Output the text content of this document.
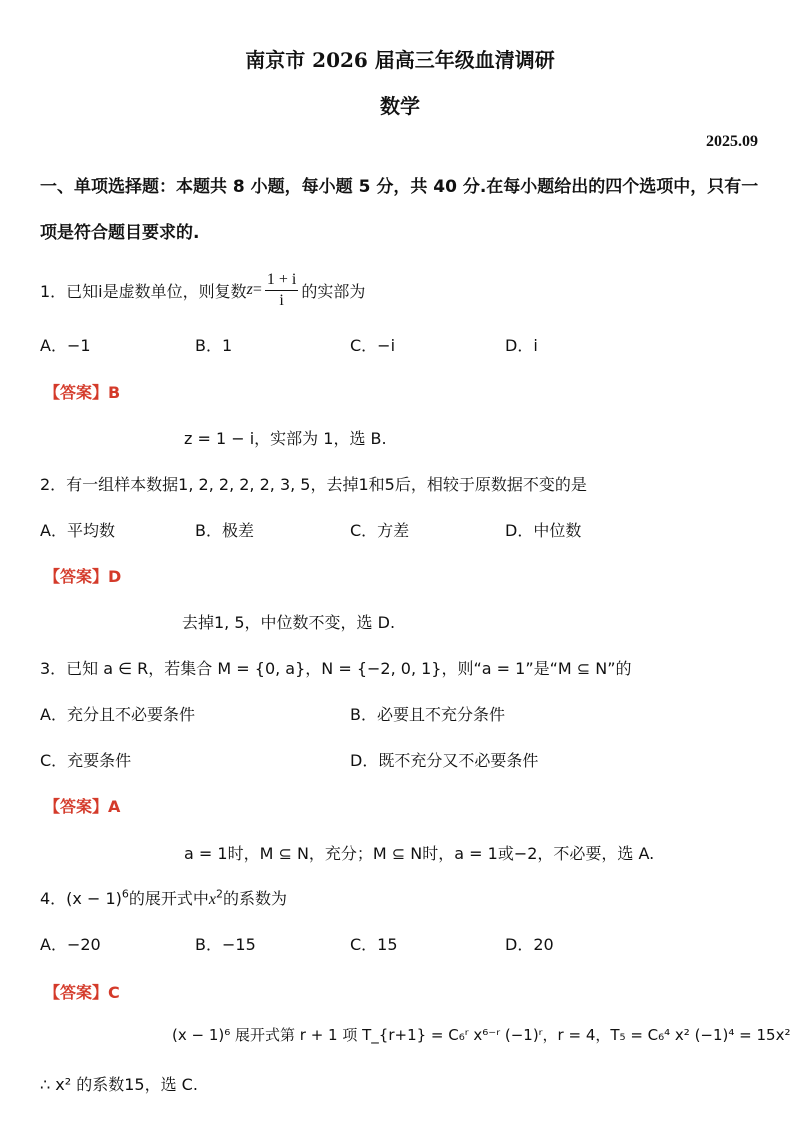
南京市 2026 届高三年级血清调研
数学
2025.09
一、单项选择题：本题共 8 小题，每小题 5 分，共 40 分.在每小题给出的四个选项中，只有一
项是符合题目要求的.
1．已知i是虚数单位，则复数 $z = \frac{1 + i}{i}$ 的实部为
A．−1	B．1	C．−i	D．i
【答案】B
z = 1 − i，实部为 1，选 B.
2．有一组样本数据1, 2, 2, 2, 2, 3, 5，去掉1和5后，相较于原数据不变的是
A．平均数	B．极差	C．方差	D．中位数
【答案】D
去掉1, 5，中位数不变，选 D.
3．已知 a ∈ R，若集合 M = {0, a}，N = {−2, 0, 1}，则“a = 1”是“M ⊆ N”的
A．充分且不必要条件	B．必要且不充分条件
C．充要条件	D．既不充分又不必要条件
【答案】A
a = 1时，M ⊆ N，充分；M ⊆ N时，a = 1或−2，不必要，选 A.
4．$(x - 1)^6$的展开式中$x^2$的系数为
A．−20	B．−15	C．15	D．20
【答案】C
(x − 1)⁶ 展开式第 r + 1 项 T_{r+1} = C₆ʳ x⁶⁻ʳ (−1)ʳ，r = 4，T₅ = C₆⁴ x² (−1)⁴ = 15x²
∴ x² 的系数15，选 C.
